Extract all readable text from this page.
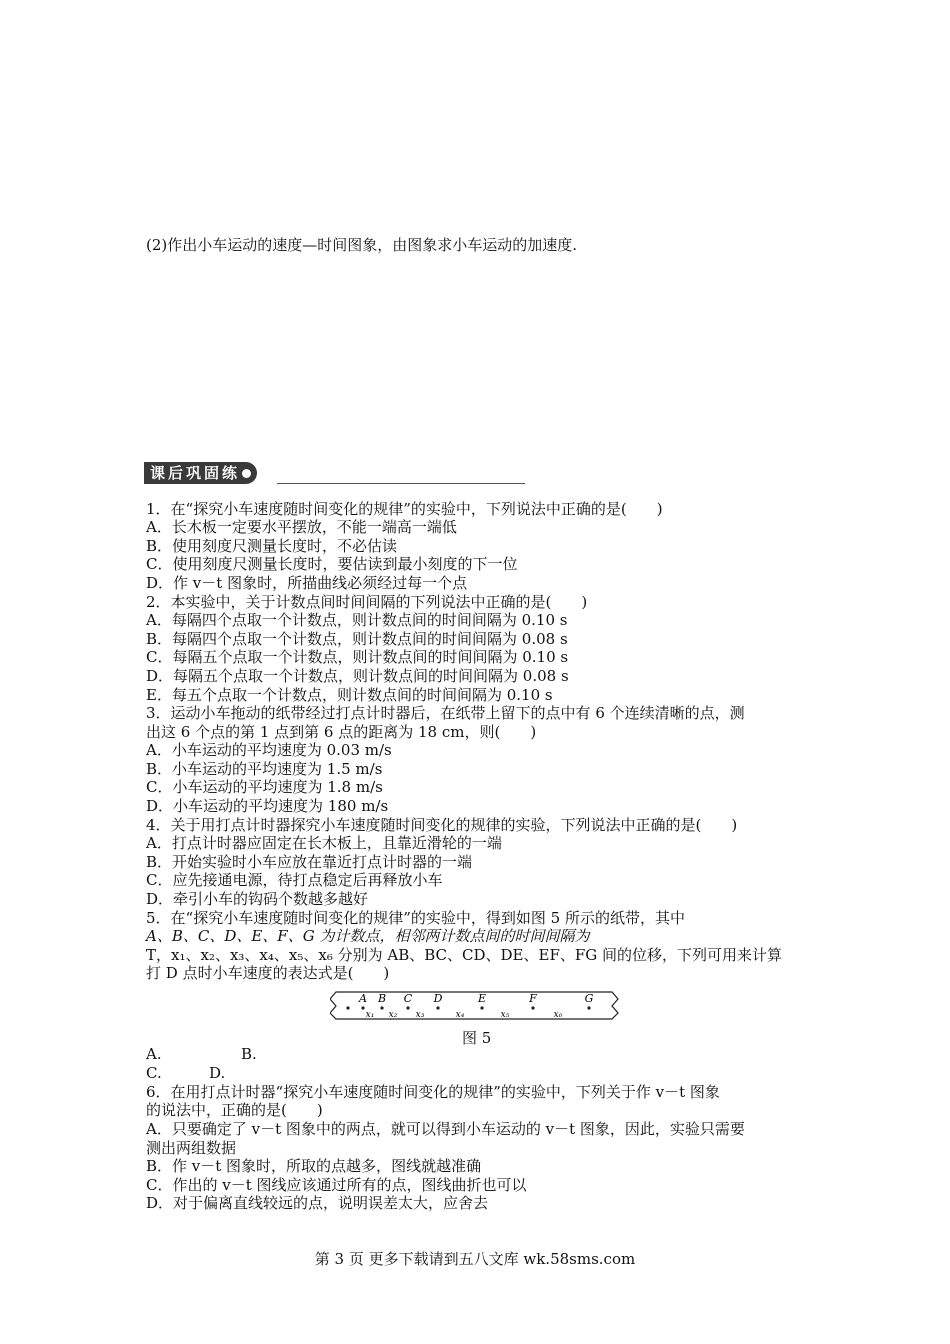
(2)作出小车运动的速度—时间图象，由图象求小车运动的加速度.
课后巩固练
1．在“探究小车速度随时间变化的规律”的实验中，下列说法中正确的是(　　)
A．长木板一定要水平摆放，不能一端高一端低
B．使用刻度尺测量长度时，不必估读
C．使用刻度尺测量长度时，要估读到最小刻度的下一位
D．作 v－t 图象时，所描曲线必须经过每一个点
2．本实验中，关于计数点间时间间隔的下列说法中正确的是(　　)
A．每隔四个点取一个计数点，则计数点间的时间间隔为 0.10 s
B．每隔四个点取一个计数点，则计数点间的时间间隔为 0.08 s
C．每隔五个点取一个计数点，则计数点间的时间间隔为 0.10 s
D．每隔五个点取一个计数点，则计数点间的时间间隔为 0.08 s
E．每五个点取一个计数点，则计数点间的时间间隔为 0.10 s
3．运动小车拖动的纸带经过打点计时器后，在纸带上留下的点中有 6 个连续清晰的点，测
出这 6 个点的第 1 点到第 6 点的距离为 18 cm，则(　　)
A．小车运动的平均速度为 0.03 m/s
B．小车运动的平均速度为 1.5 m/s
C．小车运动的平均速度为 1.8 m/s
D．小车运动的平均速度为 180 m/s
4．关于用打点计时器探究小车速度随时间变化的规律的实验，下列说法中正确的是(　　)
A．打点计时器应固定在长木板上，且靠近滑轮的一端
B．开始实验时小车应放在靠近打点计时器的一端
C．应先接通电源，待打点稳定后再释放小车
D．牵引小车的钩码个数越多越好
5．在“探究小车速度随时间变化的规律”的实验中，得到如图 5 所示的纸带，其中
A、B、C、D、E、F、G 为计数点，相邻两计数点间的时间间隔为
T，x₁、x₂、x₃、x₄、x₅、x₆ 分别为 AB、BC、CD、DE、EF、FG 间的位移，下列可用来计算
打 D 点时小车速度的表达式是(　　)
A B C D	E	F	G
x₁ x₂ x₃	x₄	x₅	x₆
图 5
A.	B.
C.	D.
6．在用打点计时器“探究小车速度随时间变化的规律”的实验中，下列关于作 v－t 图象
的说法中，正确的是(　　)
A．只要确定了 v－t 图象中的两点，就可以得到小车运动的 v－t 图象，因此，实验只需要
测出两组数据
B．作 v－t 图象时，所取的点越多，图线就越准确
C．作出的 v－t 图线应该通过所有的点，图线曲折也可以
D．对于偏离直线较远的点，说明误差太大，应舍去
第 3 页 更多下载请到五八文库 wk.58sms.com
